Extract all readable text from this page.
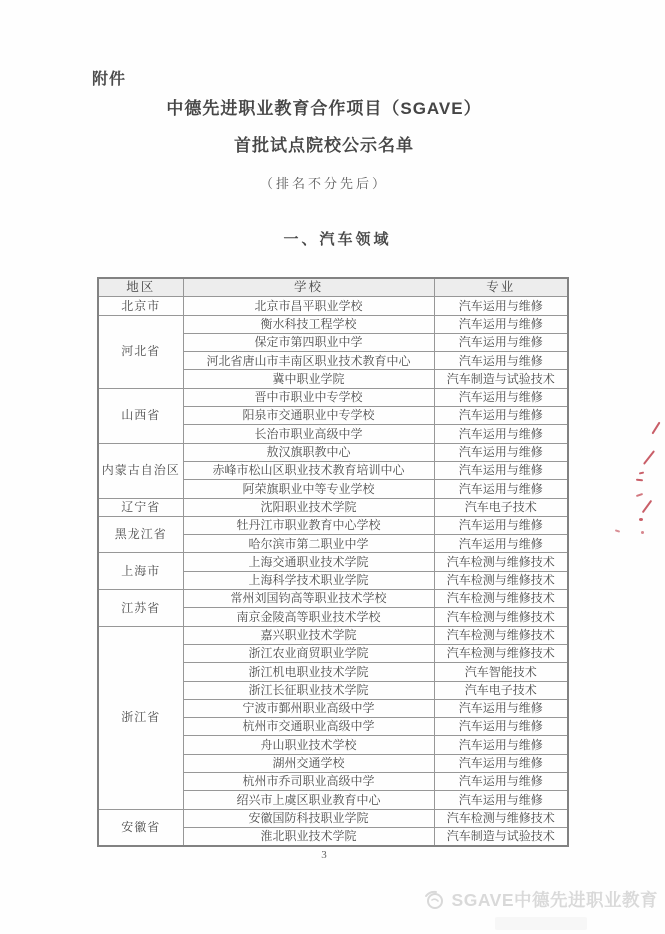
附件
中德先进职业教育合作项目（SGAVE）
首批试点院校公示名单
（排名不分先后）
一、汽车领域
地区	学校	专业
北京市	北京市昌平职业学校	汽车运用与维修
河北省	衡水科技工程学校	汽车运用与维修
	保定市第四职业中学	汽车运用与维修
	河北省唐山市丰南区职业技术教育中心	汽车运用与维修
	冀中职业学院	汽车制造与试验技术
山西省	晋中市职业中专学校	汽车运用与维修
	阳泉市交通职业中专学校	汽车运用与维修
	长治市职业高级中学	汽车运用与维修
内蒙古自治区	敖汉旗职教中心	汽车运用与维修
	赤峰市松山区职业技术教育培训中心	汽车运用与维修
	阿荣旗职业中等专业学校	汽车运用与维修
辽宁省	沈阳职业技术学院	汽车电子技术
黑龙江省	牡丹江市职业教育中心学校	汽车运用与维修
	哈尔滨市第二职业中学	汽车运用与维修
上海市	上海交通职业技术学院	汽车检测与维修技术
	上海科学技术职业学院	汽车检测与维修技术
江苏省	常州刘国钧高等职业技术学校	汽车检测与维修技术
	南京金陵高等职业技术学校	汽车检测与维修技术
浙江省	嘉兴职业技术学院	汽车检测与维修技术
	浙江农业商贸职业学院	汽车检测与维修技术
	浙江机电职业技术学院	汽车智能技术
	浙江长征职业技术学院	汽车电子技术
	宁波市鄞州职业高级中学	汽车运用与维修
	杭州市交通职业高级中学	汽车运用与维修
	舟山职业技术学校	汽车运用与维修
	湖州交通学校	汽车运用与维修
	杭州市乔司职业高级中学	汽车运用与维修
	绍兴市上虞区职业教育中心	汽车运用与维修
安徽省	安徽国防科技职业学院	汽车检测与维修技术
	淮北职业技术学院	汽车制造与试验技术
3
SGAVE中德先进职业教育
